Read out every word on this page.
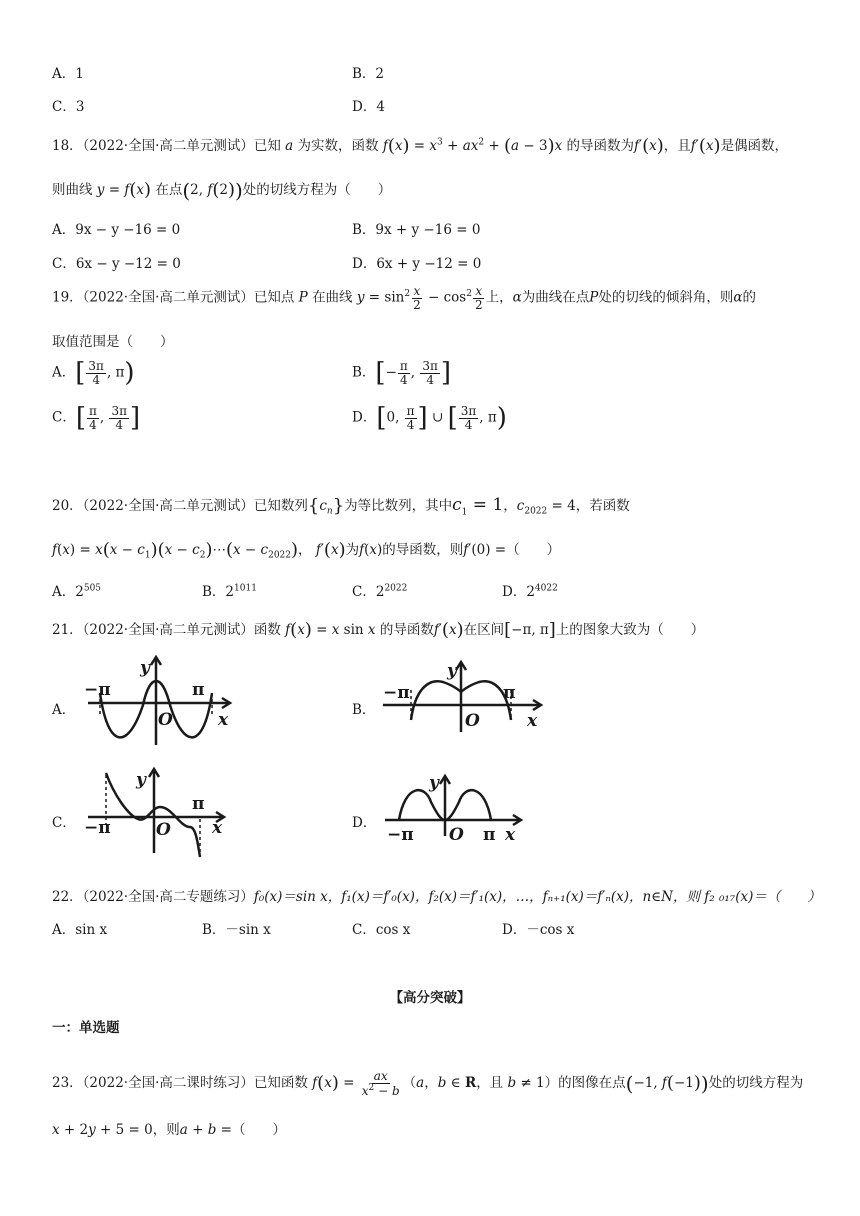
A．1	B．2
C．3	D．4
18．（2022·全国·高二单元测试）已知 a 为实数，函数 $f(x) = x^3 + ax^2 + (a - 3)x$ 的导函数为f′(x)，且f′(x)是偶函数，
则曲线 y = f(x) 在点(2, f(2))处的切线方程为（　　）
A．9x − y −16 = 0	B．9x + y −16 = 0
C．6x − y −12 = 0	D．6x + y −12 = 0
19．（2022·全国·高二单元测试）已知点 P 在曲线 $y = \sin^2 \frac{x}{2} - \cos^2 \frac{x}{2}$ 上，α为曲线在点P处的切线的倾斜角，则α的
取值范围是（　　）
A．[ $\frac{3\pi}{4}$ , π)	B．[− $\frac{\pi}{4}$ , $\frac{3\pi}{4}$ ]
C．[ $\frac{\pi}{4}$ , $\frac{3\pi}{4}$ ]	D．[0, $\frac{\pi}{4}$ ] ∪ [ $\frac{3\pi}{4}$ , π)
20．（2022·全国·高二单元测试）已知数列$\{c_n\}$为等比数列，其中$c_1 = 1$，$c_{2022} = 4$，若函数
$f(x) = x(x - c_1)(x$ − $c_2)\cdots(x - c_{2022})$， f′(x)为f(x)的导函数，则f′(0) =（　　）
A．$2^{505}$	B．$2^{1011}$	C．$2^{2022}$	D．$2^{4022}$
21．（2022·全国·高二单元测试）函数 f(x) = x sin x 的导函数f′(x)在区间[−π, π]上的图象大致为（　　）
A．	B．
C．	D．
−π	π
y
O	x
−π	π
y
O	x
−π
π
y
O x	−π	π
y
O x
22．（2022·全国·高二专题练习）f₀(x)＝sin x，f₁(x)＝f′₀(x)，f₂(x)＝f′₁(x)，…，fₙ₊₁(x)＝f′ₙ(x)，n∈N，则 f₂ ₀₁₇(x)＝（　　）
A．sin x	B．－sin x	C．cos x	D．－cos x
【高分突破】
一：单选题
23．（2022·全国·高二课时练习）已知函数 $f(x) = \frac{ax}{x^2 - b} (a$，b ∈ R，且 b ≠ 1）的图像在点(−1, f(−1))处的切线方程为
x + 2y + 5 = 0，则a + b =（　　）
